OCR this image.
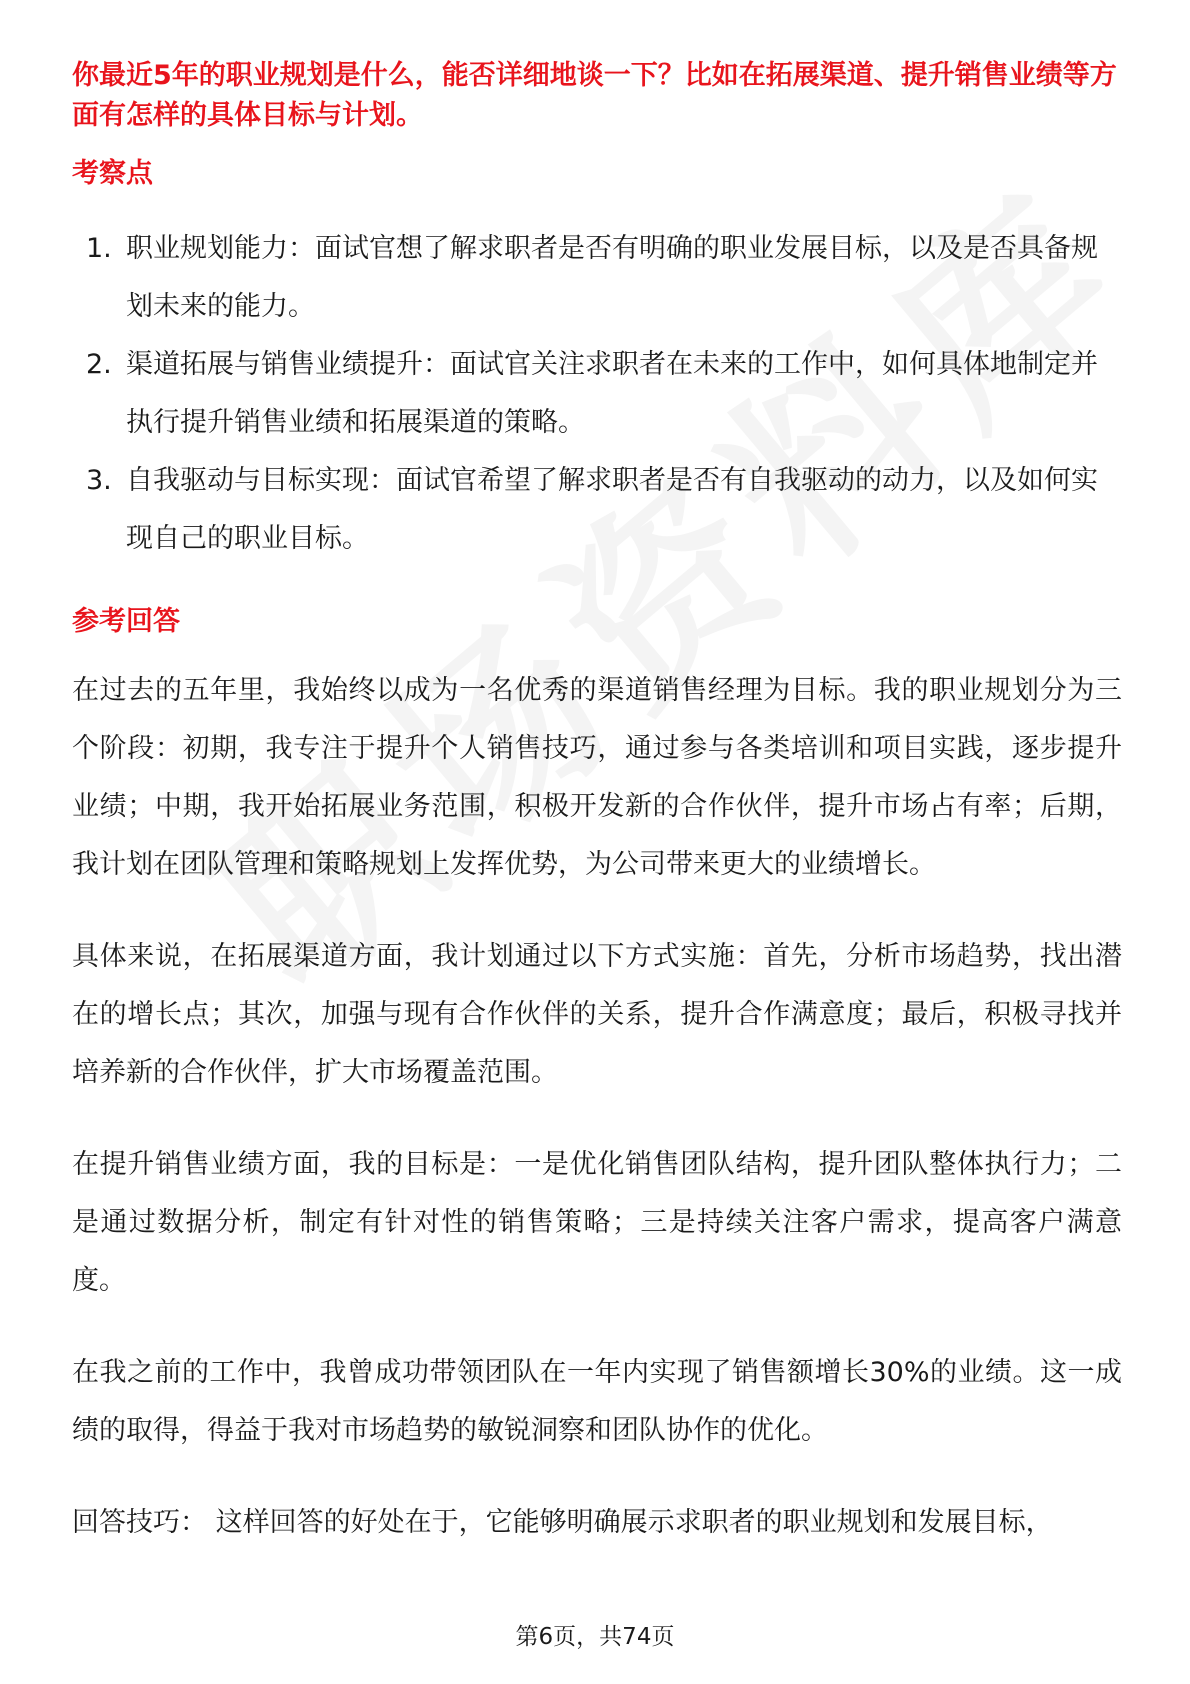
你最近5年的职业规划是什么，能否详细地谈一下？比如在拓展渠道、提升销售业绩等方面有怎样的具体目标与计划。
考察点
1. 职业规划能力：面试官想了解求职者是否有明确的职业发展目标，以及是否具备规划未来的能力。
2. 渠道拓展与销售业绩提升：面试官关注求职者在未来的工作中，如何具体地制定并执行提升销售业绩和拓展渠道的策略。
3. 自我驱动与目标实现：面试官希望了解求职者是否有自我驱动的动力，以及如何实现自己的职业目标。
参考回答

在过去的五年里，我始终以成为一名优秀的渠道销售经理为目标。我的职业规划分为三个阶段：初期，我专注于提升个人销售技巧，通过参与各类培训和项目实践，逐步提升业绩；中期，我开始拓展业务范围，积极开发新的合作伙伴，提升市场占有率；后期，我计划在团队管理和策略规划上发挥优势，为公司带来更大的业绩增长。

具体来说，在拓展渠道方面，我计划通过以下方式实施：首先，分析市场趋势，找出潜在的增长点；其次，加强与现有合作伙伴的关系，提升合作满意度；最后，积极寻找并培养新的合作伙伴，扩大市场覆盖范围。

在提升销售业绩方面，我的目标是：一是优化销售团队结构，提升团队整体执行力；二是通过数据分析，制定有针对性的销售策略；三是持续关注客户需求，提高客户满意度。

在我之前的工作中，我曾成功带领团队在一年内实现了销售额增长30%的业绩。这一成绩的取得，得益于我对市场趋势的敏锐洞察和团队协作的优化。

回答技巧： 这样回答的好处在于，它能够明确展示求职者的职业规划和发展目标，

第6页，共74页
